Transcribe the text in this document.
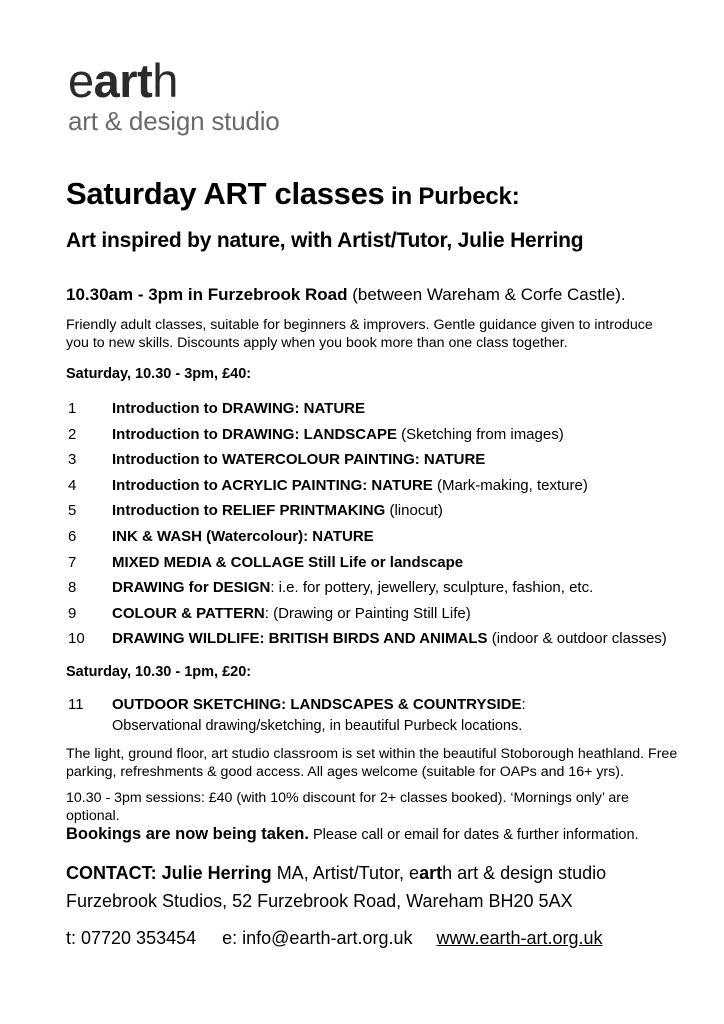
earth
art & design studio
Saturday ART classes in Purbeck:
Art inspired by nature, with Artist/Tutor, Julie Herring
10.30am - 3pm in Furzebrook Road (between Wareham & Corfe Castle).
Friendly adult classes, suitable for beginners & improvers. Gentle guidance given to introduce you to new skills. Discounts apply when you book more than one class together.
Saturday, 10.30 - 3pm, £40:
1	Introduction to DRAWING: NATURE
2	Introduction to DRAWING: LANDSCAPE (Sketching from images)
3	Introduction to WATERCOLOUR PAINTING: NATURE
4	Introduction to ACRYLIC PAINTING: NATURE (Mark-making, texture)
5	Introduction to RELIEF PRINTMAKING (linocut)
6	INK & WASH (Watercolour): NATURE
7	MIXED MEDIA & COLLAGE Still Life or landscape
8	DRAWING for DESIGN: i.e. for pottery, jewellery, sculpture, fashion, etc.
9	COLOUR & PATTERN: (Drawing or Painting Still Life)
10	DRAWING WILDLIFE: BRITISH BIRDS AND ANIMALS (indoor & outdoor classes)
Saturday, 10.30 - 1pm, £20:
11	OUTDOOR SKETCHING: LANDSCAPES & COUNTRYSIDE:
Observational drawing/sketching, in beautiful Purbeck locations.
The light, ground floor, art studio classroom is set within the beautiful Stoborough heathland. Free parking, refreshments & good access. All ages welcome (suitable for OAPs and 16+ yrs).
10.30 - 3pm sessions: £40 (with 10% discount for 2+ classes booked). ‘Mornings only’ are optional.
Bookings are now being taken. Please call or email for dates & further information.
CONTACT: Julie Herring MA, Artist/Tutor, earth art & design studio
Furzebrook Studios, 52 Furzebrook Road, Wareham BH20 5AX
t: 07720 353454 e: info@earth-art.org.uk www.earth-art.org.uk
